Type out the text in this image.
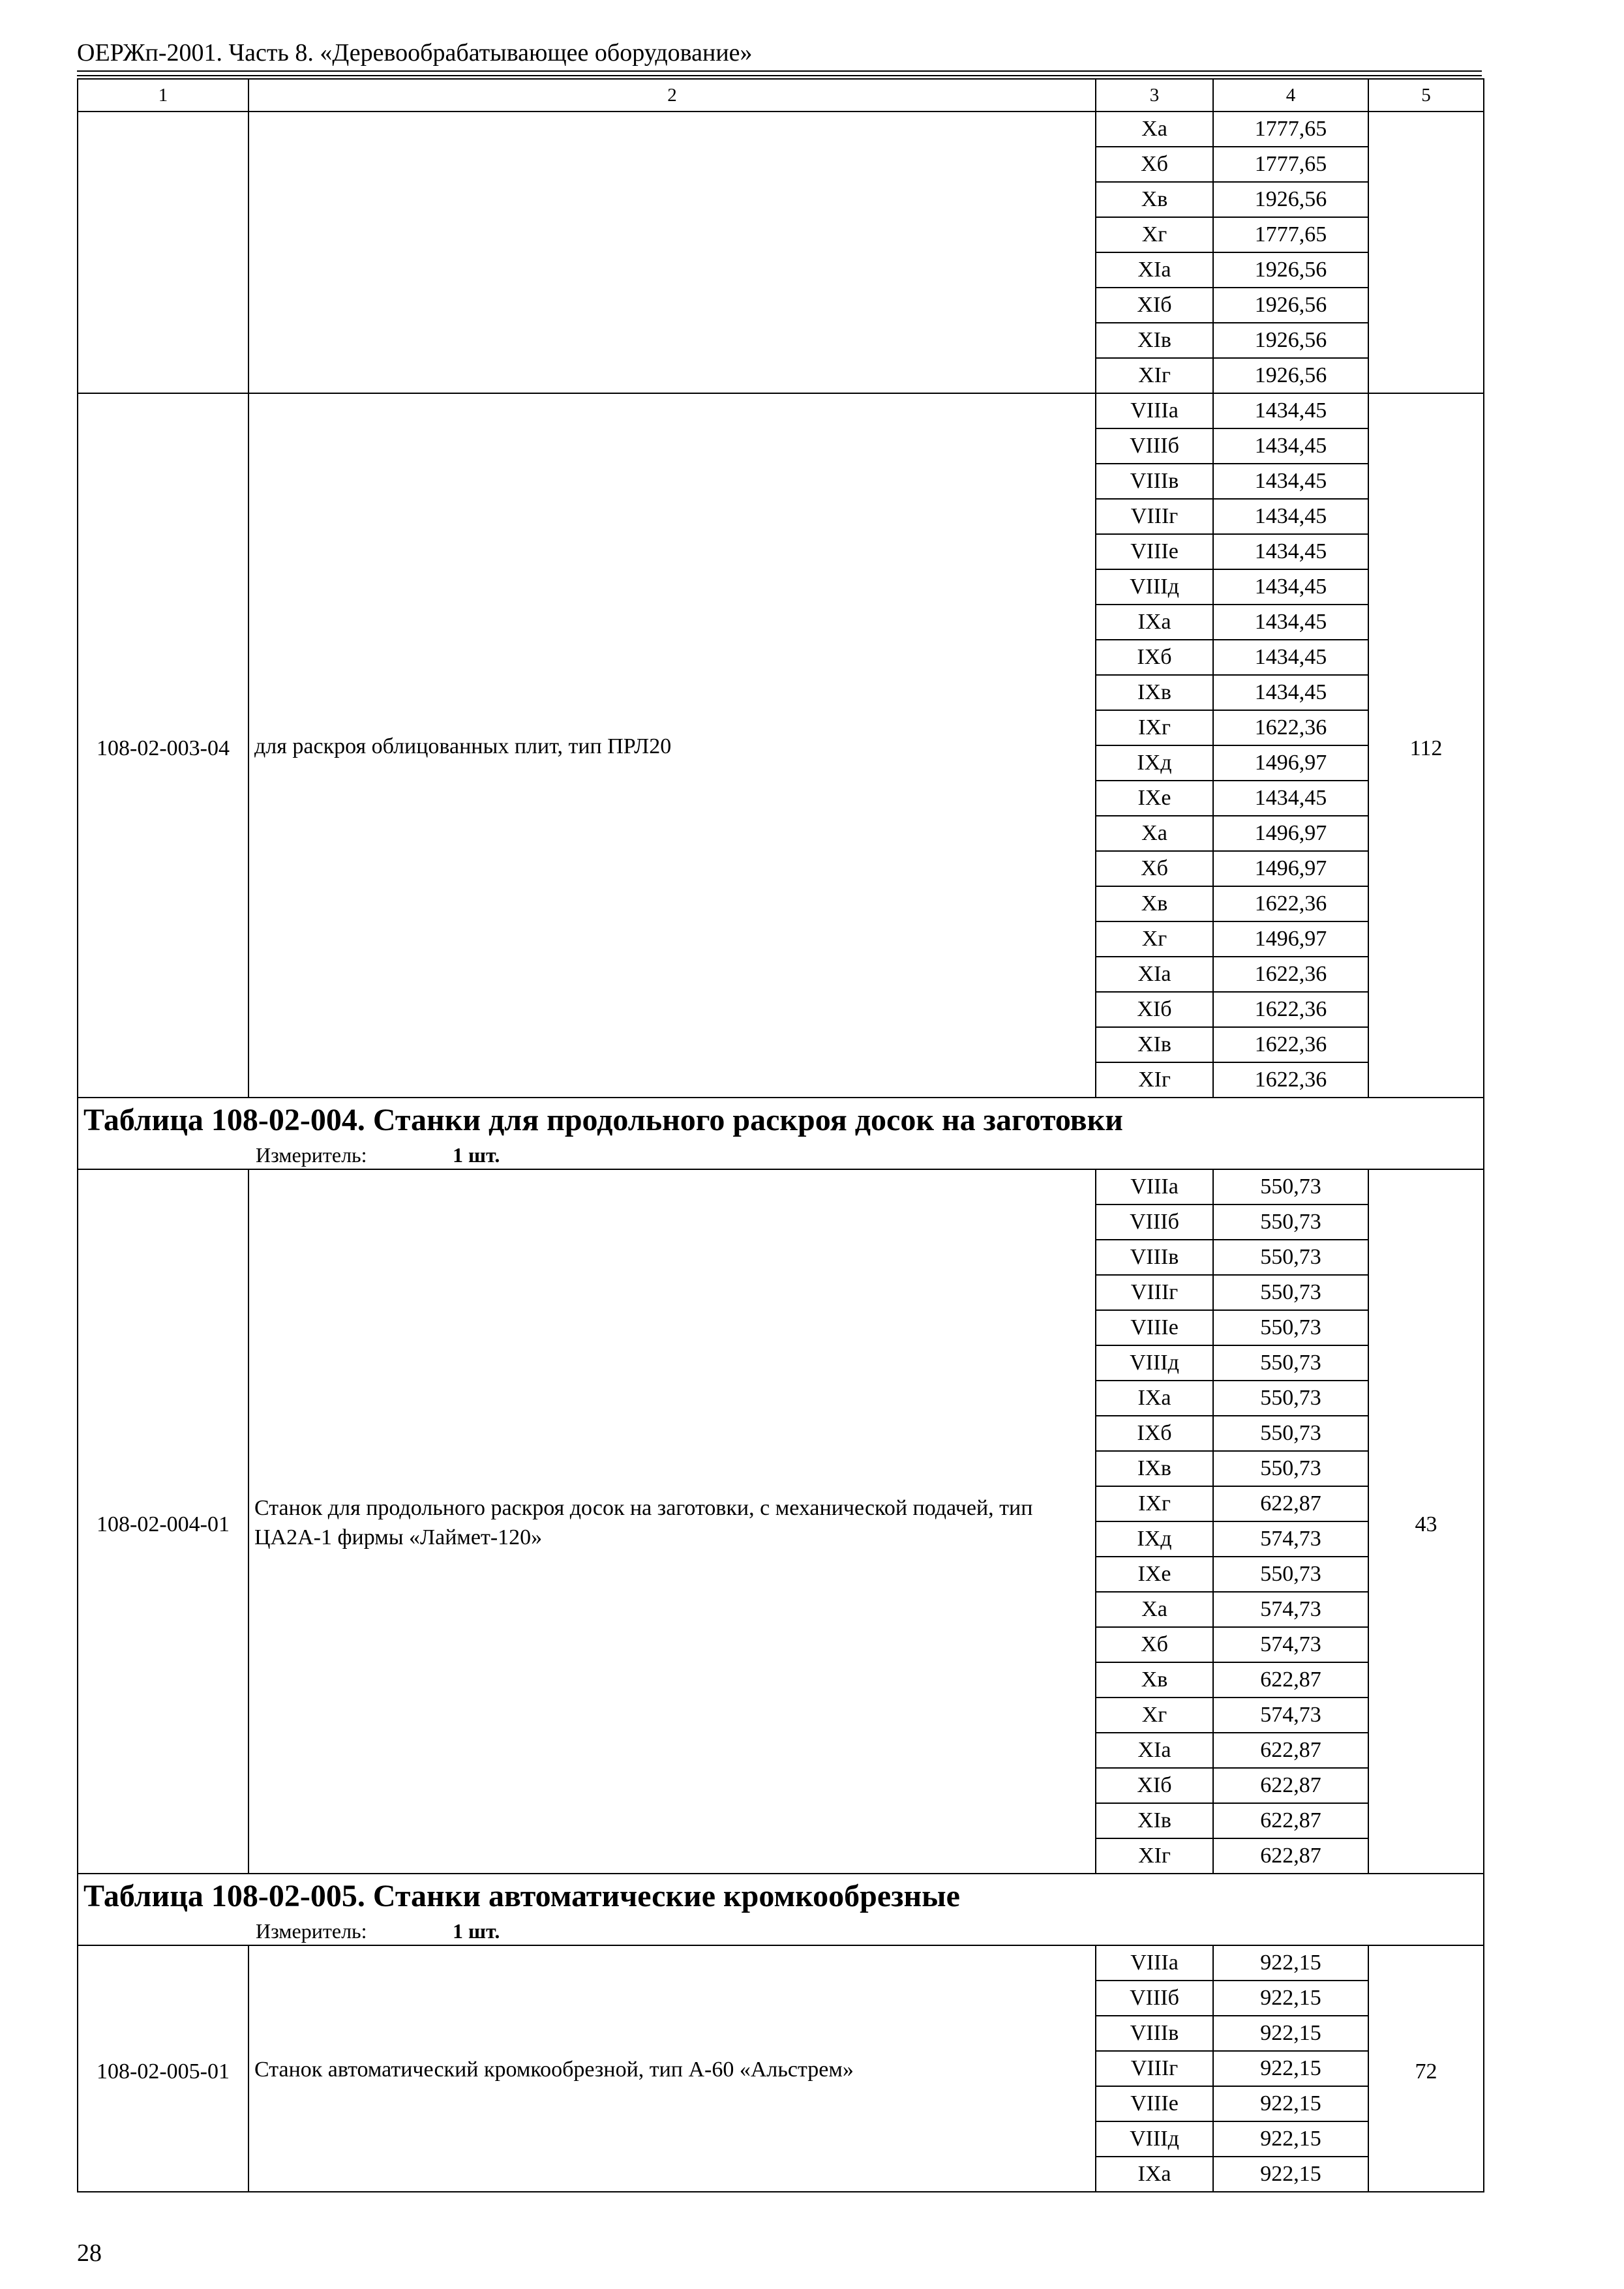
ОЕРЖп-2001. Часть 8. «Деревообрабатывающее оборудование»
1	2	3	4	5
		Xа	1777,65	
		Xб	1777,65	
		Xв	1926,56	
		Xг	1777,65	
		XIа	1926,56	
		XIб	1926,56	
		XIв	1926,56	
		XIг	1926,56	

108-02-003-04	для раскроя облицованных плит, тип ПРЛ20	VIIIа	1434,45	112

		VIIIб	1434,45	
		VIIIв	1434,45	
		VIIIг	1434,45	
		VIIIе	1434,45	
		VIIIд	1434,45	
		IXа	1434,45	
		IXб	1434,45	
		IXв	1434,45	
		IXг	1622,36	
		IXд	1496,97	
		IXе	1434,45	
		Xа	1496,97	
		Xб	1496,97	
		Xв	1622,36	
		Xг	1496,97	
		XIа	1622,36	
		XIб	1622,36	
		XIв	1622,36	
		XIг	1622,36	

Таблица 108-02-004. Станки для продольного раскроя досок на заготовки				

Измеритель: 1 шт.				

108-02-004-01	Станок для продольного раскроя досок на заготовки, с механической подачей, тип ЦА2А-1 фирмы «Лаймет-120»	VIIIа	550,73	43

		VIIIб	550,73	
		VIIIв	550,73	
		VIIIг	550,73	
		VIIIе	550,73	
		VIIIд	550,73	
		IXа	550,73	
		IXб	550,73	
		IXв	550,73	
		IXг	622,87	
		IXд	574,73	
		IXе	550,73	
		Xа	574,73	
		Xб	574,73	
		Xв	622,87	
		Xг	574,73	
		XIа	622,87	
		XIб	622,87	
		XIв	622,87	
		XIг	622,87	

Таблица 108-02-005. Станки автоматические кромкообрезные				

Измеритель: 1 шт.				

108-02-005-01	Станок автоматический кромкообрезной, тип А-60 «Альстрем»	VIIIа	922,15	72

		VIIIб	922,15	
		VIIIв	922,15	
		VIIIг	922,15	
		VIIIе	922,15	
		VIIIд	922,15	
		IXа	922,15	
28
